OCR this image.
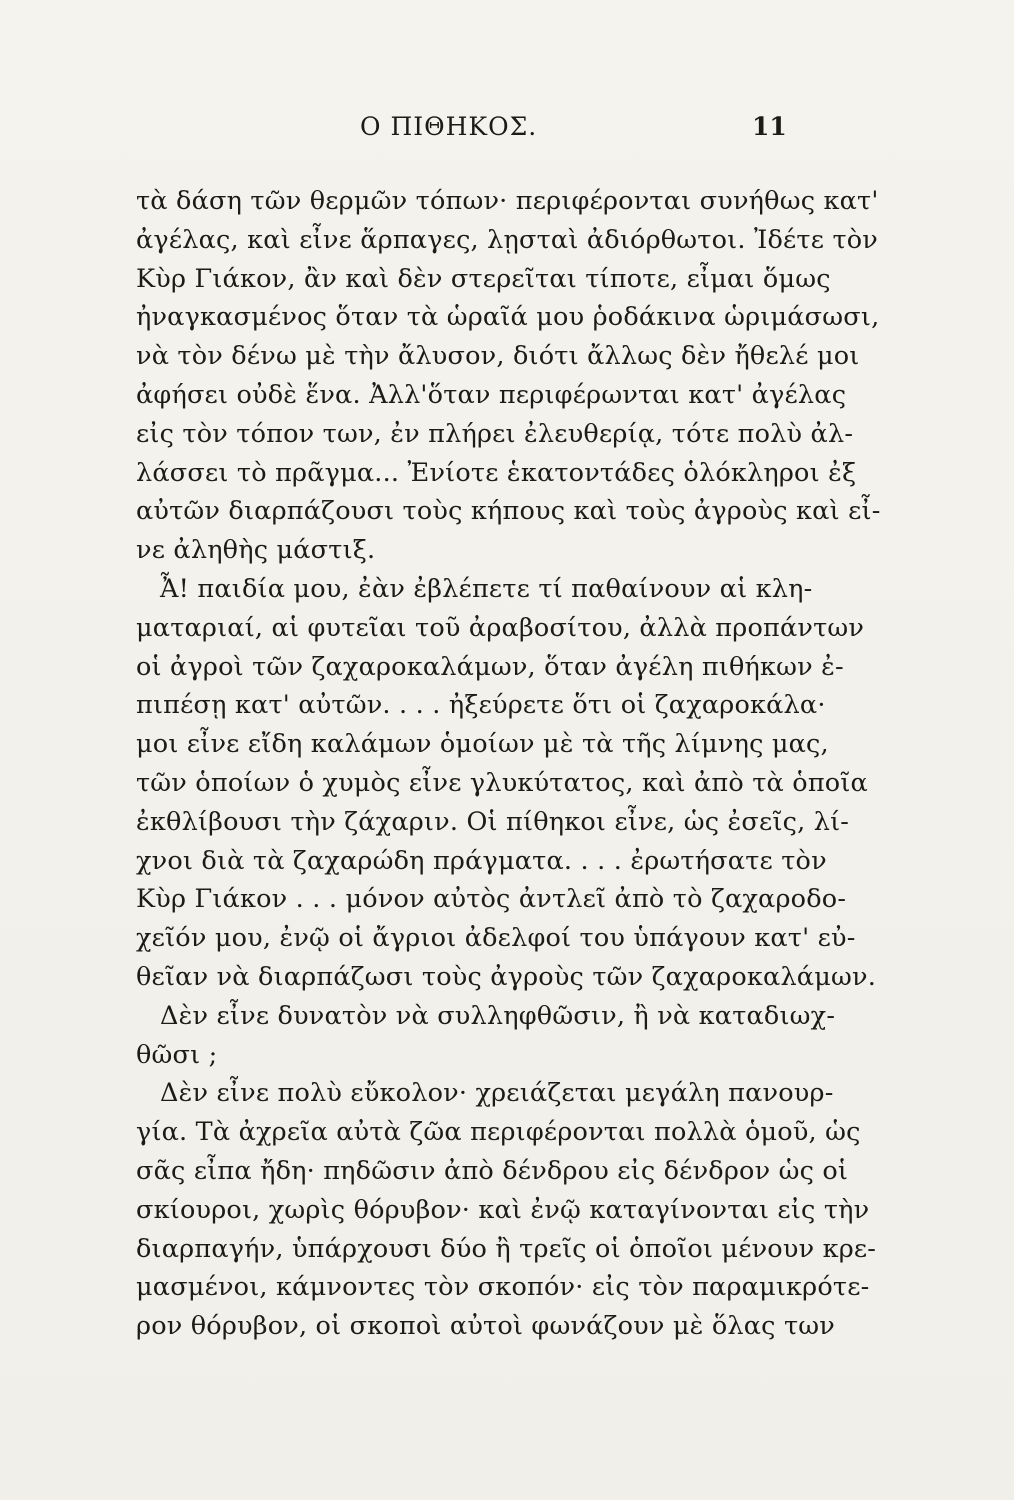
Ο ΠΙΘΗΚΟΣ.	11
τὰ δάση τῶν θερμῶν τόπων· περιφέρονται συνήθως κατ'
ἀγέλας, καὶ εἶνε ἅρπαγες, λῃσταὶ ἀδιόρθωτοι. Ἰδέτε τὸν
Κὺρ Γιάκον, ἂν καὶ δὲν στερεῖται τίποτε, εἶμαι ὅμως
ἠναγκασμένος ὅταν τὰ ὡραῖά μου ῥοδάκινα ὡριμάσωσι,
νὰ τὸν δένω μὲ τὴν ἄλυσον, διότι ἄλλως δὲν ἤθελέ μοι
ἀφήσει οὐδὲ ἕνα. Ἀλλ'ὅταν περιφέρωνται κατ' ἀγέλας
εἰς τὸν τόπον των, ἐν πλήρει ἐλευθερίᾳ, τότε πολὺ ἀλ-
λάσσει τὸ πρᾶγμα... Ἐνίοτε ἑκατοντάδες ὁλόκληροι ἐξ
αὐτῶν διαρπάζουσι τοὺς κήπους καὶ τοὺς ἀγροὺς καὶ εἶ-
νε ἀληθὴς μάστιξ.
Ἆ! παιδία μου, ἐὰν ἐβλέπετε τί παθαίνουν αἱ κλη-
ματαριαί, αἱ φυτεῖαι τοῦ ἀραβοσίτου, ἀλλὰ προπάντων
οἱ ἀγροὶ τῶν ζαχαροκαλάμων, ὅταν ἀγέλη πιθήκων ἐ-
πιπέσῃ κατ' αὐτῶν. . . . ἠξεύρετε ὅτι οἱ ζαχαροκάλα·
μοι εἶνε εἴδη καλάμων ὁμοίων μὲ τὰ τῆς λίμνης μας,
τῶν ὁποίων ὁ χυμὸς εἶνε γλυκύτατος, καὶ ἀπὸ τὰ ὁποῖα
ἐκθλίβουσι τὴν ζάχαριν. Οἱ πίθηκοι εἶνε, ὡς ἐσεῖς, λί-
χνοι διὰ τὰ ζαχαρώδη πράγματα. . . . ἐρωτήσατε τὸν
Κὺρ Γιάκον . . . μόνον αὐτὸς ἀντλεῖ ἀπὸ τὸ ζαχαροδο-
χεῖόν μου, ἐνῷ οἱ ἄγριοι ἀδελφοί του ὑπάγουν κατ' εὐ-
θεῖαν νὰ διαρπάζωσι τοὺς ἀγροὺς τῶν ζαχαροκαλάμων.
Δὲν εἶνε δυνατὸν νὰ συλληφθῶσιν, ἢ νὰ καταδιωχ-
θῶσι ;
Δὲν εἶνε πολὺ εὔκολον· χρειάζεται μεγάλη πανουρ-
γία. Τὰ ἀχρεῖα αὐτὰ ζῶα περιφέρονται πολλὰ ὁμοῦ, ὡς
σᾶς εἶπα ἤδη· πηδῶσιν ἀπὸ δένδρου εἰς δένδρον ὡς οἱ
σκίουροι, χωρὶς θόρυβον· καὶ ἐνῷ καταγίνονται εἰς τὴν
διαρπαγήν, ὑπάρχουσι δύο ἢ τρεῖς οἱ ὁποῖοι μένουν κρε-
μασμένοι, κάμνοντες τὸν σκοπόν· εἰς τὸν παραμικρότε-
ρον θόρυβον, οἱ σκοποὶ αὐτοὶ φωνάζουν μὲ ὅλας των
